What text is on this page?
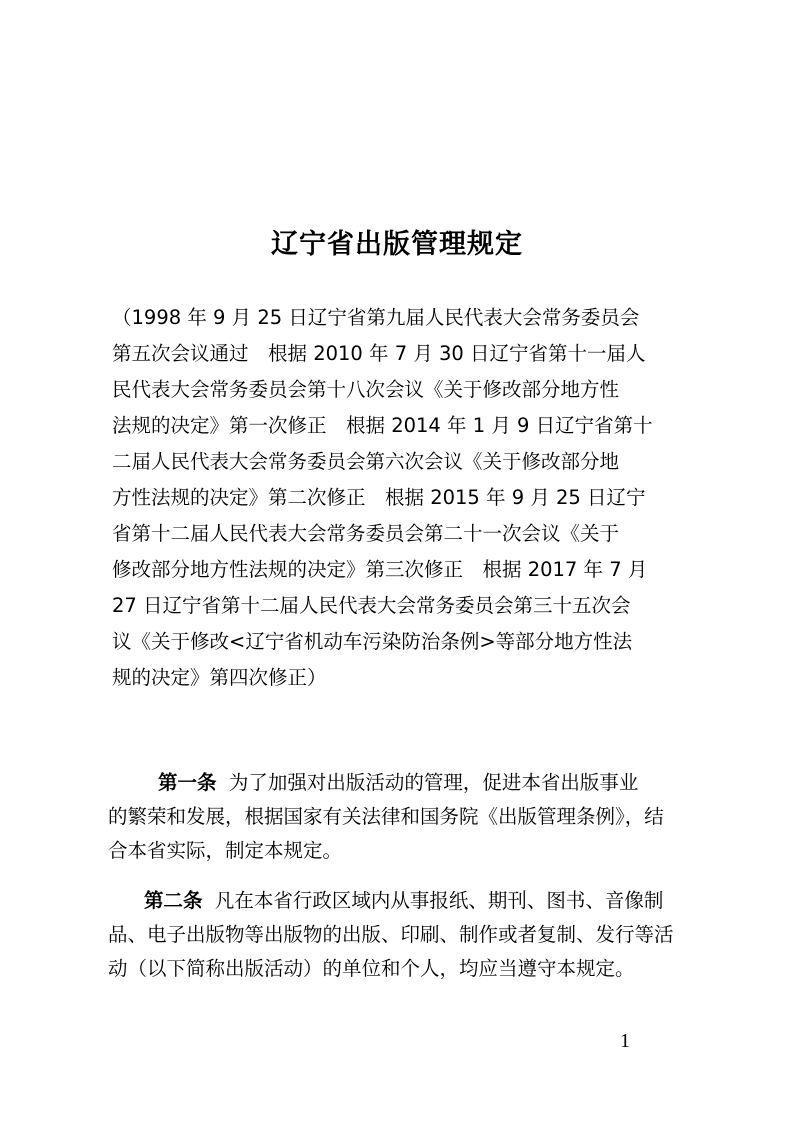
辽宁省出版管理规定
（1998 年 9 月 25 日辽宁省第九届人民代表大会常务委员会
第五次会议通过　根据 2010 年 7 月 30 日辽宁省第十一届人
民代表大会常务委员会第十八次会议《关于修改部分地方性
法规的决定》第一次修正　根据 2014 年 1 月 9 日辽宁省第十
二届人民代表大会常务委员会第六次会议《关于修改部分地
方性法规的决定》第二次修正　根据 2015 年 9 月 25 日辽宁
省第十二届人民代表大会常务委员会第二十一次会议《关于
修改部分地方性法规的决定》第三次修正　根据 2017 年 7 月
27 日辽宁省第十二届人民代表大会常务委员会第三十五次会
议《关于修改<辽宁省机动车污染防治条例>等部分地方性法
规的决定》第四次修正）
第一条 为了加强对出版活动的管理，促进本省出版事业
的繁荣和发展，根据国家有关法律和国务院《出版管理条例》，结
合本省实际，制定本规定。
第二条 凡在本省行政区域内从事报纸、期刊、图书、音像制
品、电子出版物等出版物的出版、印刷、制作或者复制、发行等活
动（以下简称出版活动）的单位和个人，均应当遵守本规定。
1
